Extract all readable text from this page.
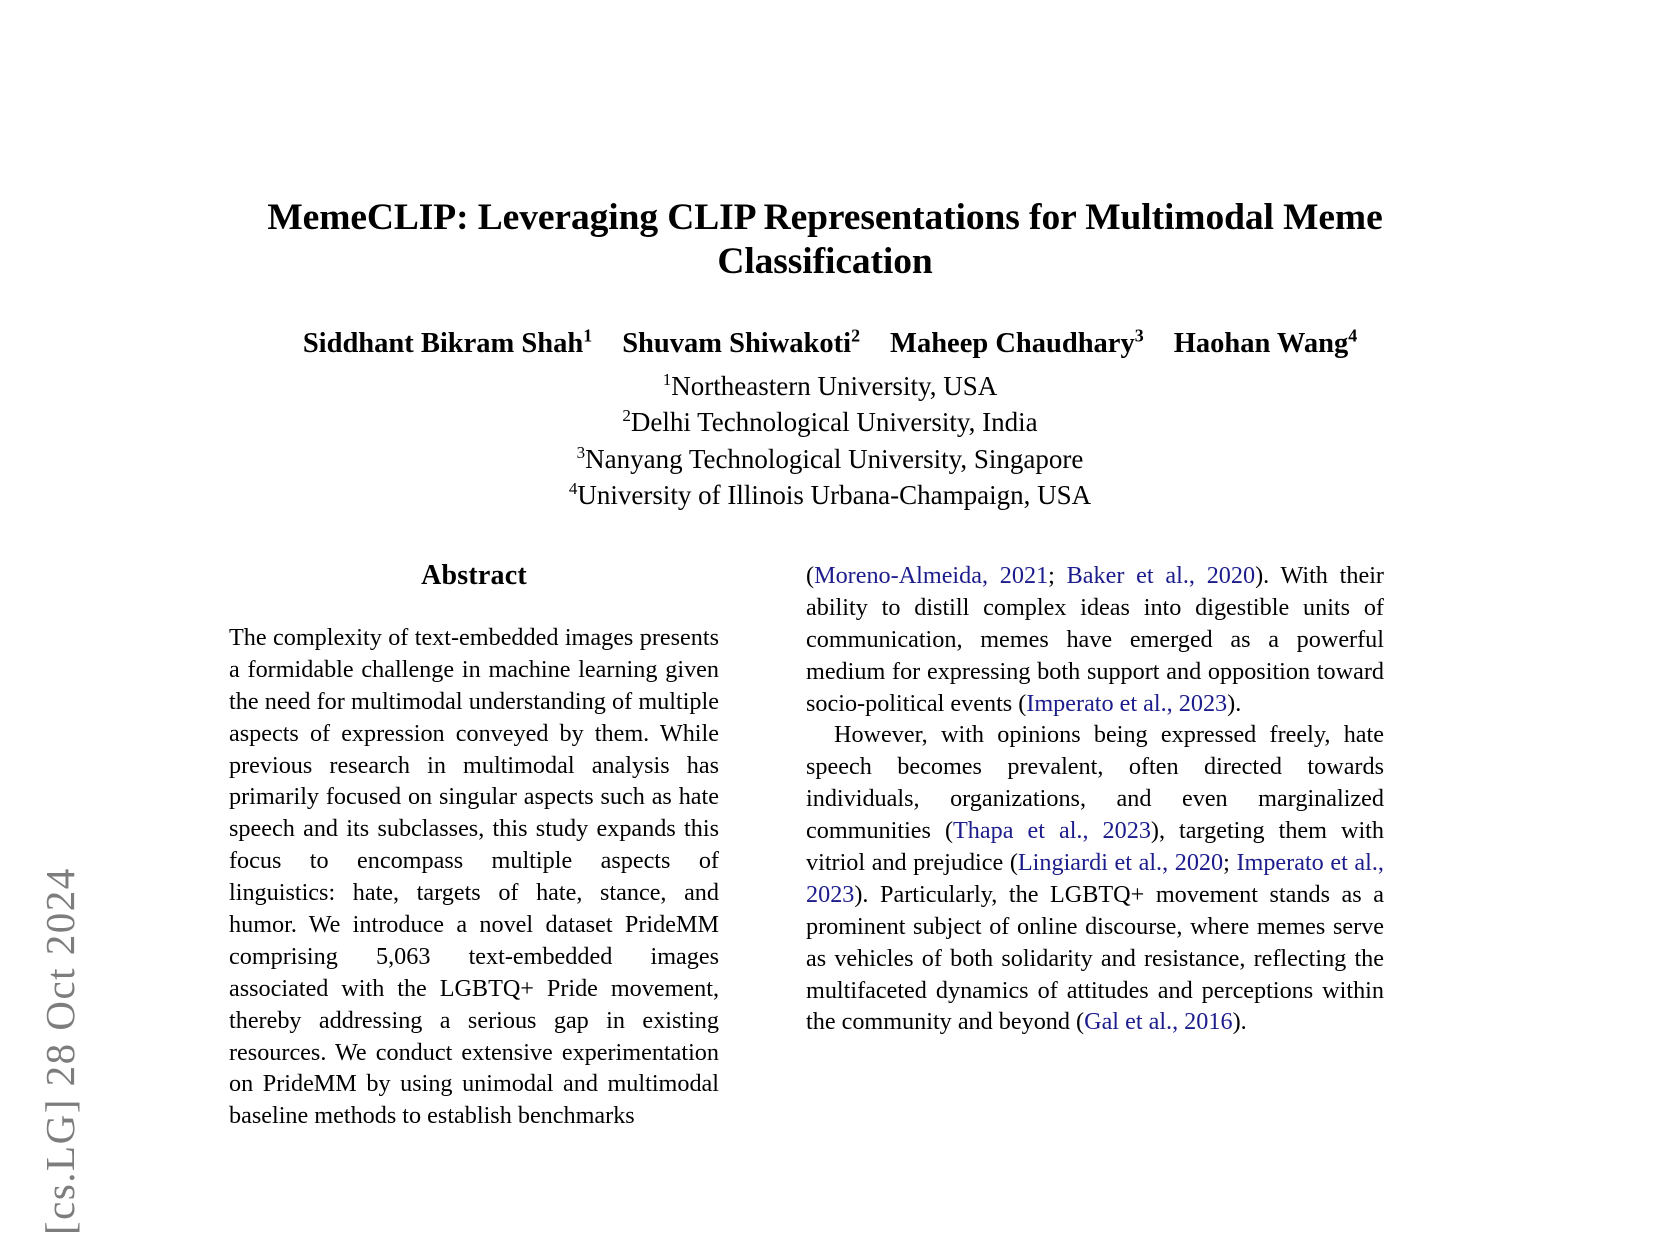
[cs.LG] 28 Oct 2024
MemeCLIP: Leveraging CLIP Representations for Multimodal Meme Classification
Siddhant Bikram Shah$^1$ Shuvam Shiwakoti$^2$ Maheep Chaudhary$^3$ Haohan Wang$^4$
$^1$Northeastern University, USA
$^2$Delhi Technological University, India
$^3$Nanyang Technological University, Singapore
$^4$University of Illinois Urbana-Champaign, USA
Abstract

The complexity of text-embedded images presents a formidable challenge in machine learning given the need for multimodal understanding of multiple aspects of expression conveyed by them. While previous research in multimodal analysis has primarily focused on singular aspects such as hate speech and its subclasses, this study expands this focus to encompass multiple aspects of linguistics: hate, targets of hate, stance, and humor. We introduce a novel dataset PrideMM comprising 5,063 text-embedded images associated with the LGBTQ+ Pride movement, thereby addressing a serious gap in existing resources. We conduct extensive experimentation on PrideMM by using unimodal and multimodal baseline methods to establish benchmarks

(Moreno-Almeida, 2021; Baker et al., 2020). With their ability to distill complex ideas into digestible units of communication, memes have emerged as a powerful medium for expressing both support and opposition toward socio-political events (Imperato et al., 2023).

However, with opinions being expressed freely, hate speech becomes prevalent, often directed towards individuals, organizations, and even marginalized communities (Thapa et al., 2023), targeting them with vitriol and prejudice (Lingiardi et al., 2020; Imperato et al., 2023). Particularly, the LGBTQ+ movement stands as a prominent subject of online discourse, where memes serve as vehicles of both solidarity and resistance, reflecting the multifaceted dynamics of attitudes and perceptions within the community and beyond (Gal et al., 2016).
